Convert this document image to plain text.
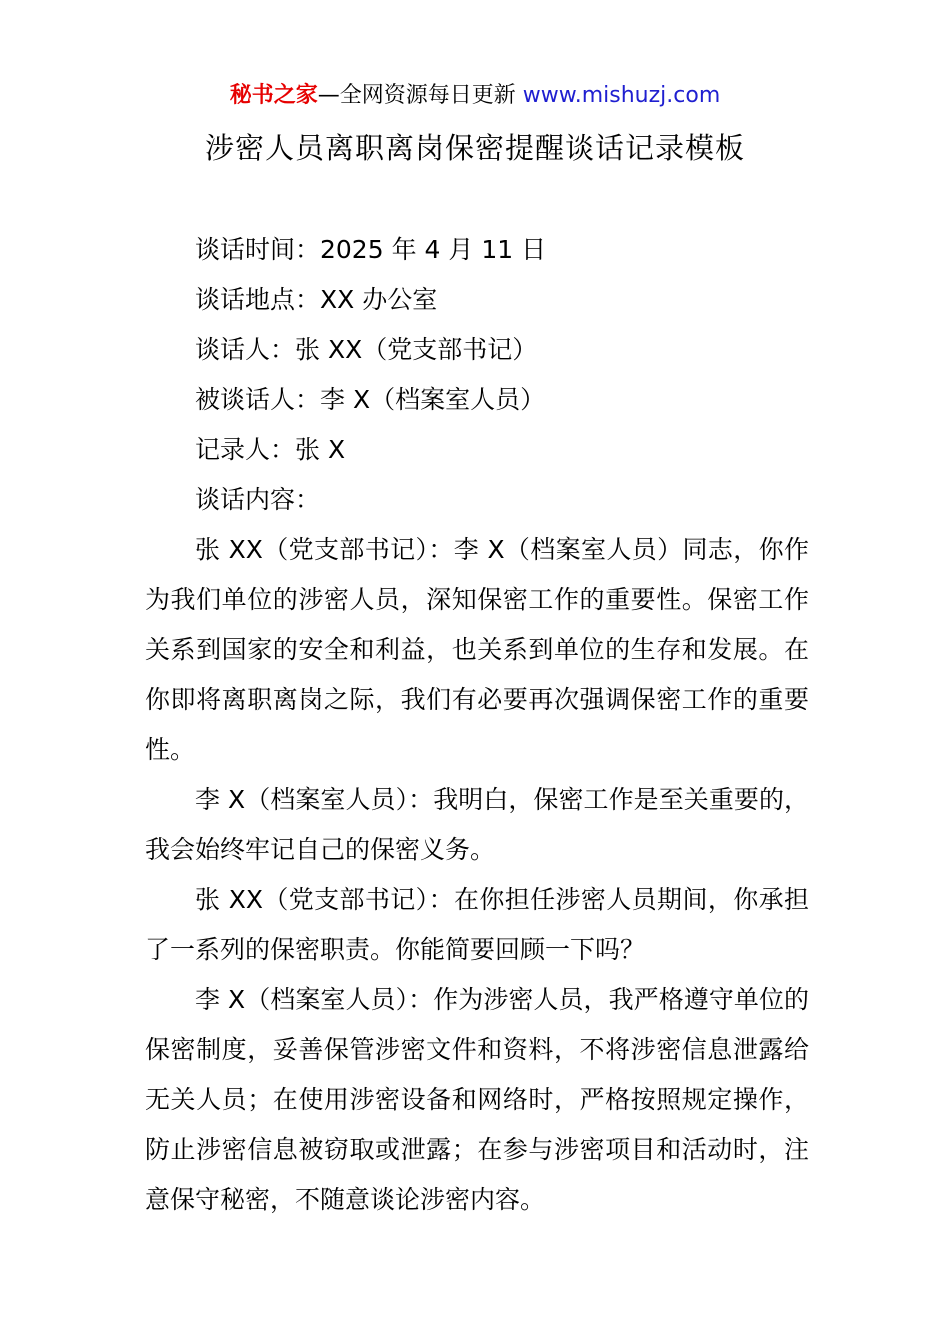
秘书之家—全网资源每日更新 www.mishuzj.com
涉密人员离职离岗保密提醒谈话记录模板
谈话时间：2025 年 4 月 11 日
谈话地点：XX 办公室
谈话人：张 XX（党支部书记）
被谈话人：李 X（档案室人员）
记录人：张 X
谈话内容：

张 XX（党支部书记）：李 X（档案室人员）同志，你作为我们单位的涉密人员，深知保密工作的重要性。保密工作关系到国家的安全和利益，也关系到单位的生存和发展。在你即将离职离岗之际，我们有必要再次强调保密工作的重要性。

李 X（档案室人员）：我明白，保密工作是至关重要的，我会始终牢记自己的保密义务。

张 XX（党支部书记）：在你担任涉密人员期间，你承担了一系列的保密职责。你能简要回顾一下吗？

李 X（档案室人员）：作为涉密人员，我严格遵守单位的保密制度，妥善保管涉密文件和资料，不将涉密信息泄露给无关人员；在使用涉密设备和网络时，严格按照规定操作，防止涉密信息被窃取或泄露；在参与涉密项目和活动时，注意保守秘密，不随意谈论涉密内容。
